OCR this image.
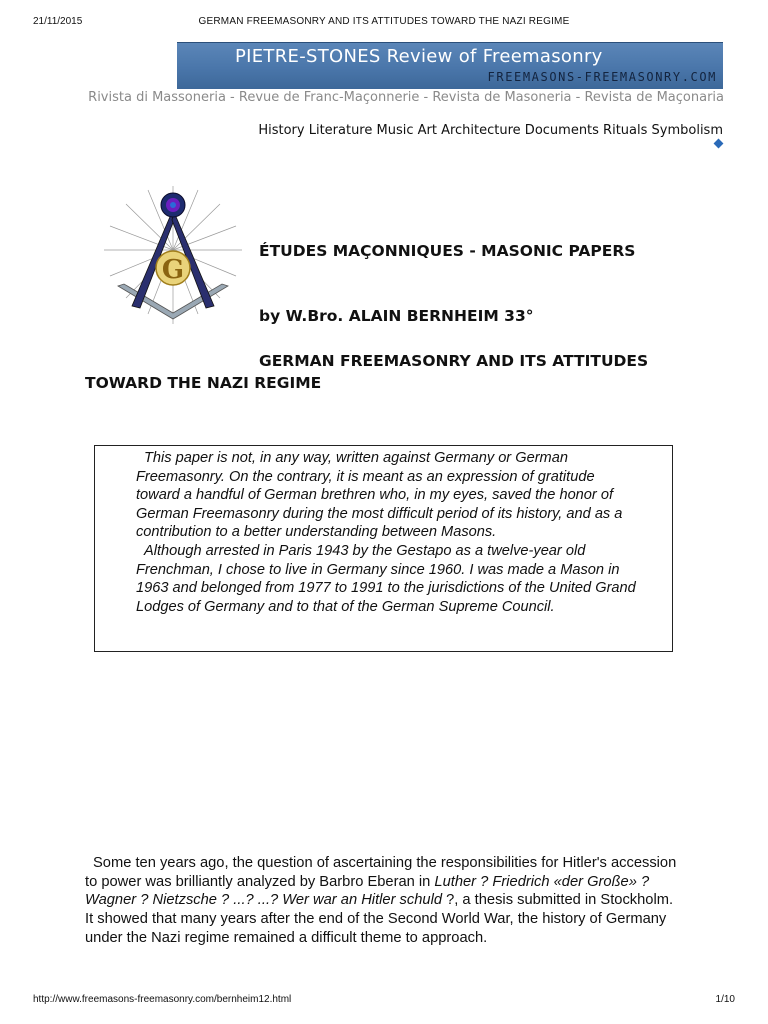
21/11/2015	GERMAN FREEMASONRY AND ITS ATTITUDES TOWARD THE NAZI REGIME
PIETRE-STONES Review of Freemasonry
FREEMASONS-FREEMASONRY.COM
Rivista di Massoneria - Revue de Franc-Maçonnerie - Revista de Masoneria - Revista de Maçonaria
History Literature Music Art Architecture Documents Rituals Symbolism
G
ÉTUDES MAÇONNIQUES - MASONIC PAPERS
by W.Bro. ALAIN BERNHEIM 33°
GERMAN FREEMASONRY AND ITS ATTITUDES TOWARD THE NAZI REGIME

This paper is not, in any way, written against Germany or German Freemasonry. On the contrary, it is meant as an expression of gratitude toward a handful of German brethren who, in my eyes, saved the honor of German Freemasonry during the most difficult period of its history, and as a contribution to a better understanding between Masons.

Although arrested in Paris 1943 by the Gestapo as a twelve-year old Frenchman, I chose to live in Germany since 1960. I was made a Mason in 1963 and belonged from 1977 to 1991 to the jurisdictions of the United Grand Lodges of Germany and to that of the German Supreme Council.

Some ten years ago, the question of ascertaining the responsibilities for Hitler's accession to power was brilliantly analyzed by Barbro Eberan in Luther ? Friedrich «der Große» ? Wagner ? Nietzsche ? ...? ...? Wer war an Hitler schuld ?, a thesis submitted in Stockholm. It showed that many years after the end of the Second World War, the history of Germany under the Nazi regime remained a difficult theme to approach.
http://www.freemasons-freemasonry.com/bernheim12.html	1/10
